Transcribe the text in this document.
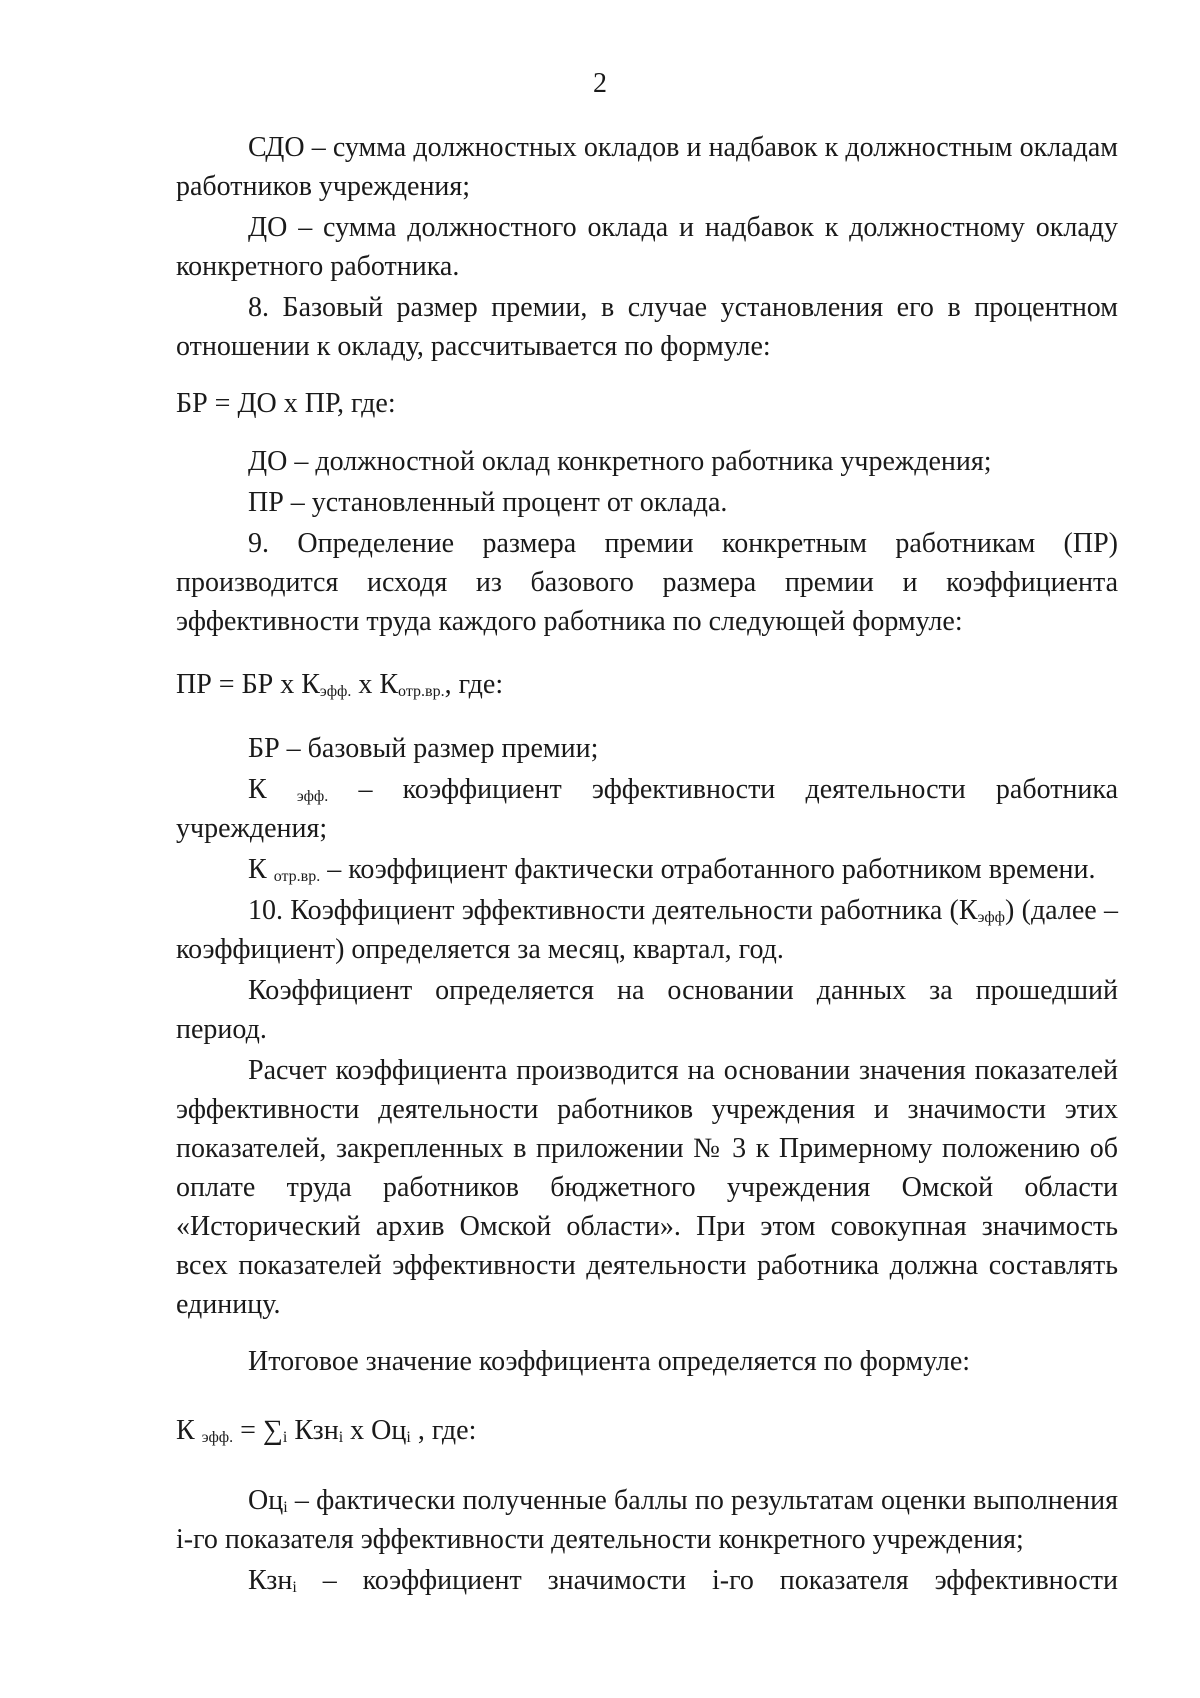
2

СДО – сумма должностных окладов и надбавок к должностным окладам работников учреждения;

ДО – сумма должностного оклада и надбавок к должностному окладу конкретного работника.

8. Базовый размер премии, в случае установления его в процентном отношении к окладу, рассчитывается по формуле:

БР = ДО х ПР, где:

ДО – должностной оклад конкретного работника учреждения;

ПР – установленный процент от оклада.

9. Определение размера премии конкретным работникам (ПР) производится исходя из базового размера премии и коэффициента эффективности труда каждого работника по следующей формуле:

ПР = БР х $К_{эфф.}$ х $К_{отр.вр.}$, где:

БР – базовый размер премии;

К $_{эфф.}$ – коэффициент эффективности деятельности работника учреждения;

К $_{отр.вр.}$ – коэффициент фактически отработанного работником времени.

10. Коэффициент эффективности деятельности работника $(К_{эфф})$ (далее – коэффициент) определяется за месяц, квартал, год.

Коэффициент определяется на основании данных за прошедший период.

Расчет коэффициента производится на основании значения показателей эффективности деятельности работников учреждения и значимости этих показателей, закрепленных в приложении № 3 к Примерному положению об оплате труда работников бюджетного учреждения Омской области «Исторический архив Омской области». При этом совокупная значимость всех показателей эффективности деятельности работника должна составлять единицу.

Итоговое значение коэффициента определяется по формуле:

К $_{эфф.} = \sum_i$ Кзн$_i$ х $Оц_i$ , где:

$Оц_i$ – фактически полученные баллы по результатам оценки выполнения i-го показателя эффективности деятельности конкретного учреждения;

Кзн$_i$ – коэффициент значимости i-го показателя эффективности
